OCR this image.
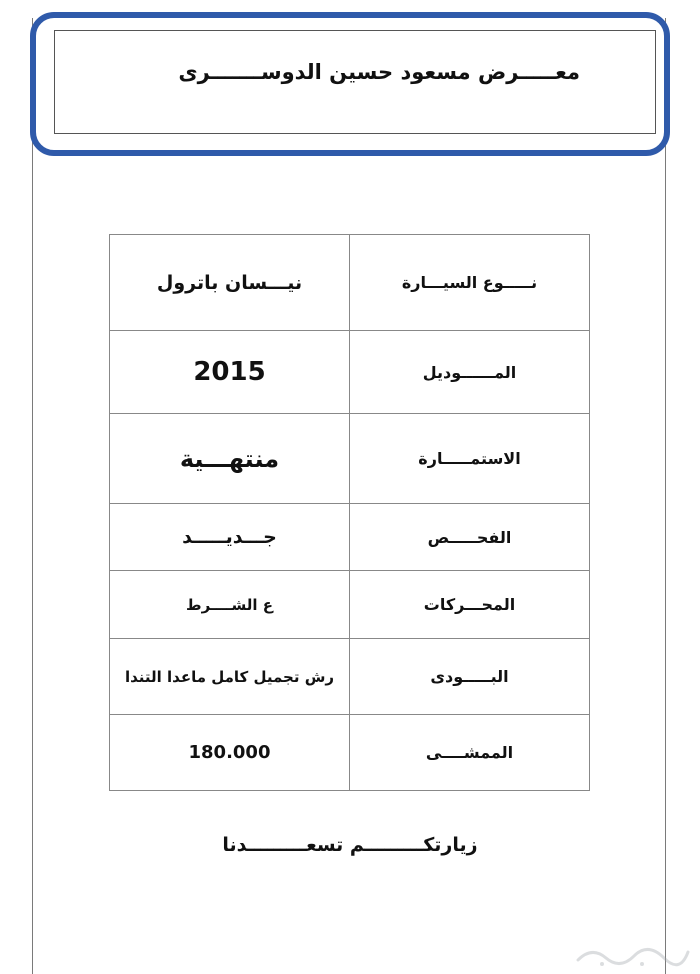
معـــــرض مسعود حسين الدوســـــــرى
نـــــوع السيـــارة	نيـــسان باترول
المــــــوديل	2015
الاستمـــــارة	منتهـــية
الفحـــــص	جـــديـــــد
المحـــركات	ع الشــــرط
البـــــودى	رش تجميل كامل ماعدا التندا
الممشــــى	180.000
زيارتكـــــــــم تسعـــــــــدنا
